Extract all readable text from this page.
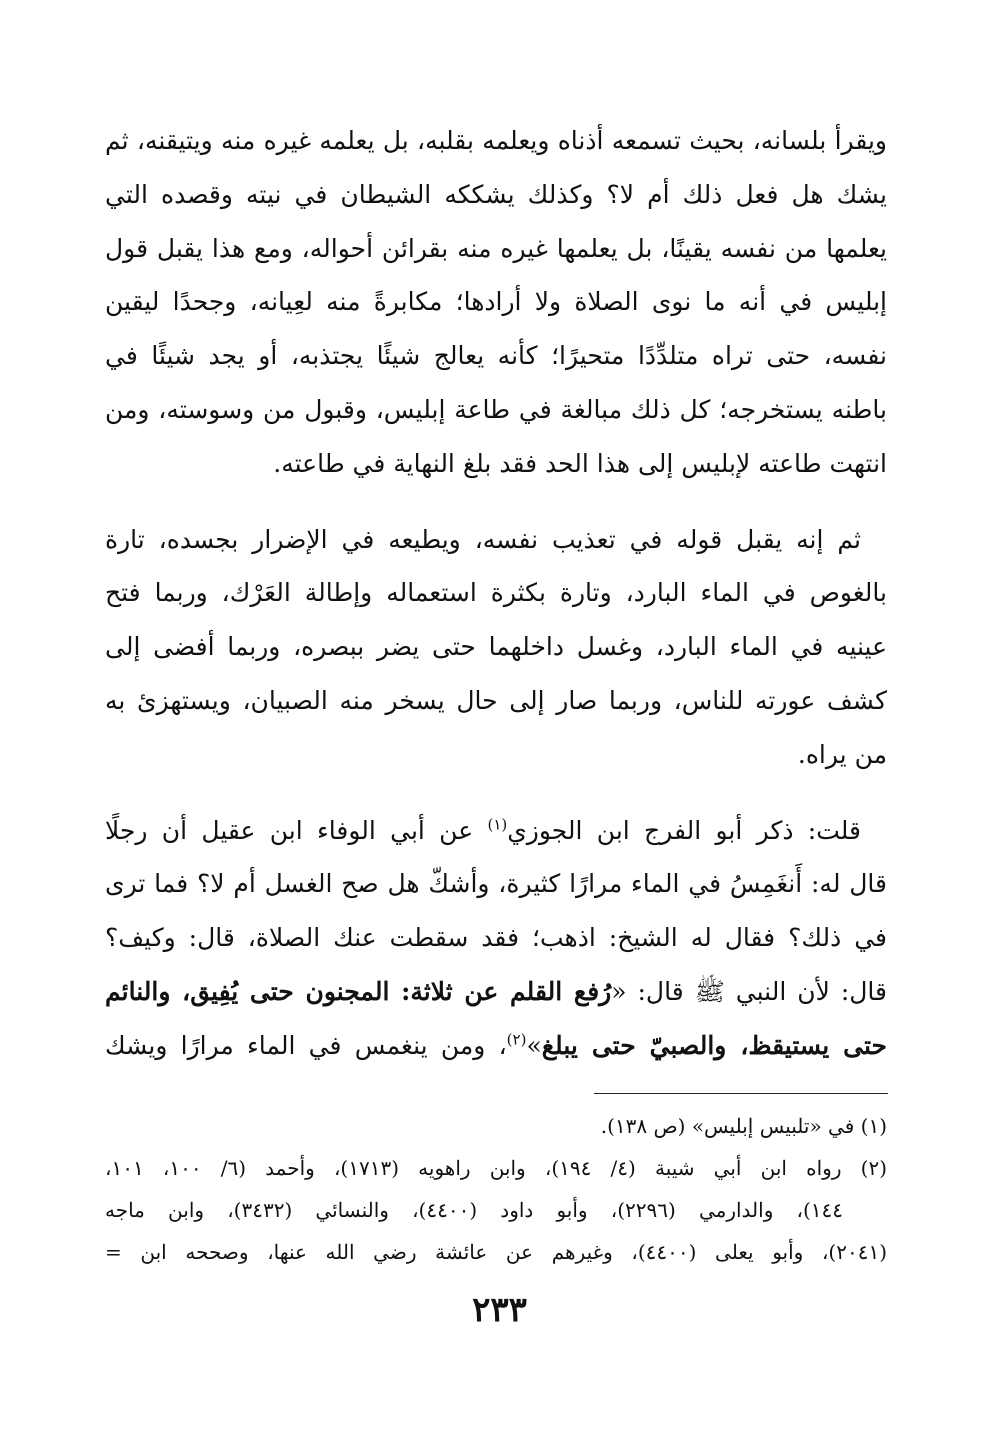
ويقرأ بلسانه، بحيث تسمعه أذناه ويعلمه بقلبه، بل يعلمه غيره منه ويتيقنه، ثم
يشك هل فعل ذلك أم لا؟ وكذلك يشككه الشيطان في نيته وقصده التي
يعلمها من نفسه يقينًا، بل يعلمها غيره منه بقرائن أحواله، ومع هذا يقبل قول
إبليس في أنه ما نوى الصلاة ولا أرادها؛ مكابرةً منه لعِيانه، وجحدًا ليقين
نفسه، حتى تراه متلدِّدًا متحيرًا؛ كأنه يعالج شيئًا يجتذبه، أو يجد شيئًا في
باطنه يستخرجه؛ كل ذلك مبالغة في طاعة إبليس، وقبول من وسوسته، ومن
انتهت طاعته لإبليس إلى هذا الحد فقد بلغ النهاية في طاعته.
ثم إنه يقبل قوله في تعذيب نفسه، ويطيعه في الإضرار بجسده، تارة
بالغوص في الماء البارد، وتارة بكثرة استعماله وإطالة العَرْك، وربما فتح
عينيه في الماء البارد، وغسل داخلهما حتى يضر ببصره، وربما أفضى إلى
كشف عورته للناس، وربما صار إلى حال يسخر منه الصبيان، ويستهزئ به
من يراه.
قلت: ذكر أبو الفرج ابن الجوزي$^{(١)}$ عن أبي الوفاء ابن عقيل أن رجلًا
قال له: أَنغَمِسُ في الماء مرارًا كثيرة، وأشكّ هل صح الغسل أم لا؟ فما ترى
في ذلك؟ فقال له الشيخ: اذهب؛ فقد سقطت عنك الصلاة، قال: وكيف؟
قال: لأن النبي ﷺ قال: «رُفع القلم عن ثلاثة: المجنون حتى يُفِيق، والنائم
حتى يستيقظ، والصبيّ حتى يبلغ»$^{(٢)}$، ومن ينغمس في الماء مرارًا ويشك
(١) في «تلبيس إبليس» (ص ١٣٨).
(٢) رواه ابن أبي شيبة (٤/ ١٩٤)، وابن راهويه (١٧١٣)، وأحمد (٦/ ١٠٠، ١٠١،
١٤٤)، والدارمي (٢٢٩٦)، وأبو داود (٤٤٠٠)، والنسائي (٣٤٣٢)، وابن ماجه
(٢٠٤١)، وأبو يعلى (٤٤٠٠)، وغيرهم عن عائشة رضي الله عنها، وصححه ابن =
٢٣٣
